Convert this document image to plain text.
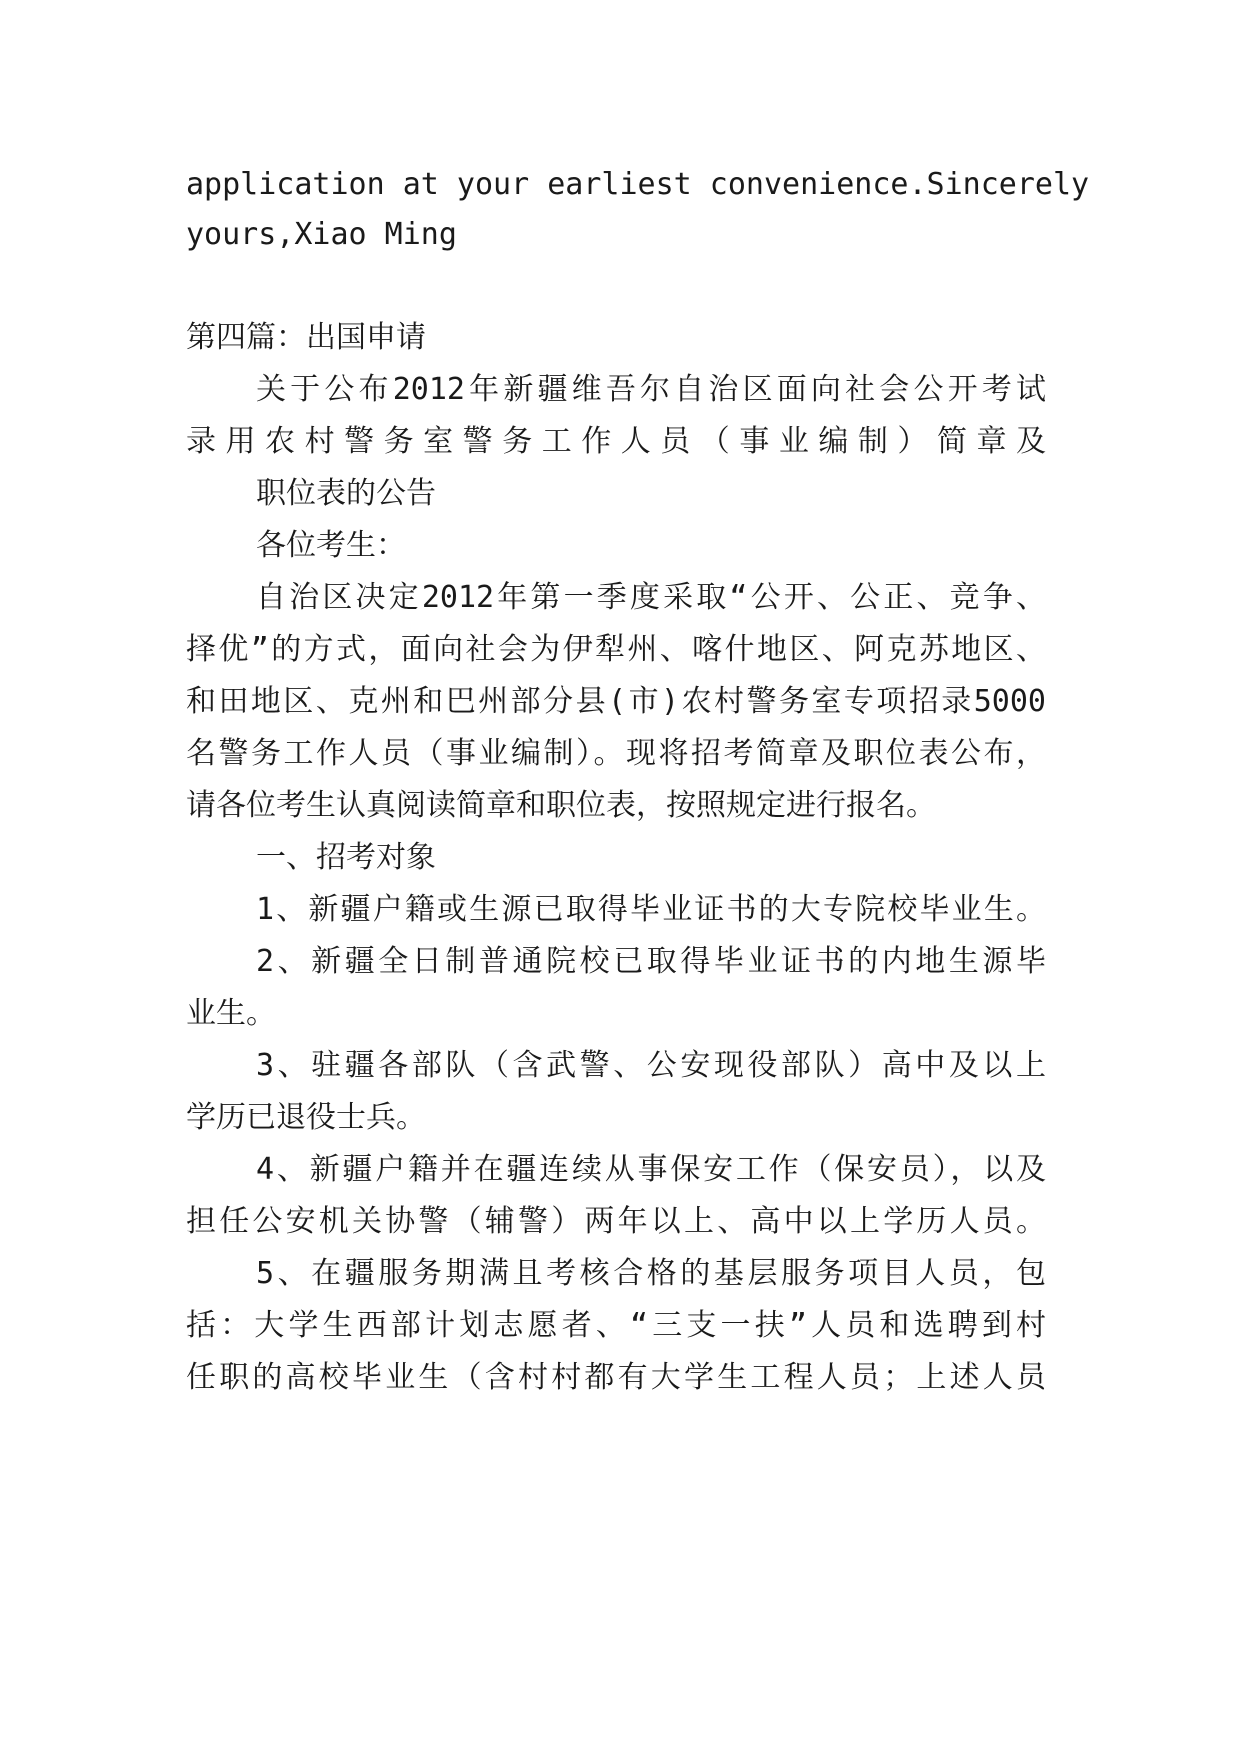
application at your earliest convenience.Sincerely
yours,Xiao Ming
第四篇：出国申请
关于公布2012年新疆维吾尔自治区面向社会公开考试
录用农村警务室警务工作人员（事业编制）简章及
职位表的公告
各位考生：
自治区决定2012年第一季度采取“公开、公正、竞争、
择优”的方式，面向社会为伊犁州、喀什地区、阿克苏地区、
和田地区、克州和巴州部分县(市)农村警务室专项招录5000
名警务工作人员（事业编制）。现将招考简章及职位表公布，
请各位考生认真阅读简章和职位表，按照规定进行报名。
一、招考对象
1、新疆户籍或生源已取得毕业证书的大专院校毕业生。
2、新疆全日制普通院校已取得毕业证书的内地生源毕
业生。
3、驻疆各部队（含武警、公安现役部队）高中及以上
学历已退役士兵。
4、新疆户籍并在疆连续从事保安工作（保安员），以及
担任公安机关协警（辅警）两年以上、高中以上学历人员。
5、在疆服务期满且考核合格的基层服务项目人员，包
括：大学生西部计划志愿者、“三支一扶”人员和选聘到村
任职的高校毕业生（含村村都有大学生工程人员；上述人员
